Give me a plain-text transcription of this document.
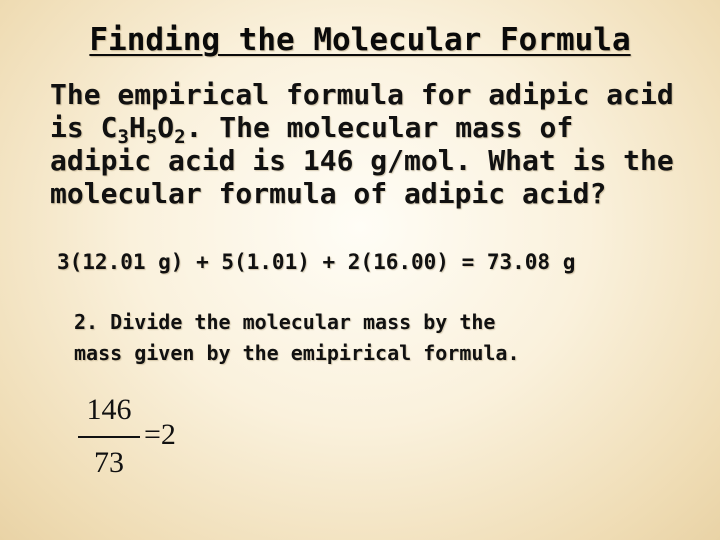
Finding the Molecular Formula
The empirical formula for adipic acid
is $C_3H_5O_2$. The molecular mass of
adipic acid is 146 g/mol. What is the
molecular formula of adipic acid?
3(12.01 g) + 5(1.01) + 2(16.00) = 73.08 g
2. Divide the molecular mass by the
mass given by the emipirical formula.
146
73
=2
